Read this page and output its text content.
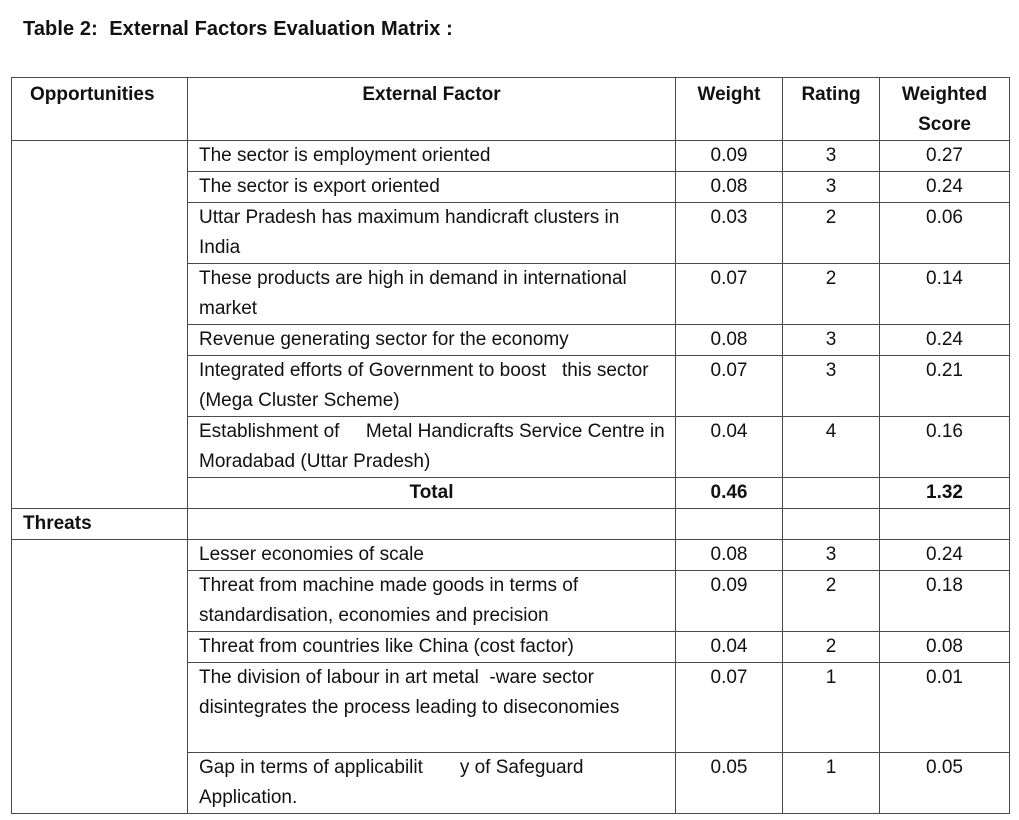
Table 2:  External Factors Evaluation Matrix :
Opportunities	External Factor	Weight	Rating	Weighted Score
	The sector is employment oriented	0.09	3	0.27
	The sector is export oriented	0.08	3	0.24
	Uttar Pradesh has maximum handicraft clusters in India	0.03	2	0.06
	These products are high in demand in international market	0.07	2	0.14
	Revenue generating sector for the economy	0.08	3	0.24
	Integrated efforts of Government to boost   this sector (Mega Cluster Scheme)	0.07	3	0.21
	Establishment of     Metal Handicrafts Service Centre in Moradabad (Uttar Pradesh)	0.04	4	0.16
	Total	0.46		1.32
Threats				
	Lesser economies of scale	0.08	3	0.24
	Threat from machine made goods in terms of standardisation, economies and precision	0.09	2	0.18
	Threat from countries like China (cost factor)	0.04	2	0.08
	The division of labour in art metal  -ware sector disintegrates the process leading to diseconomies	0.07	1	0.01
	Gap in terms of applicabilit       y of Safeguard Application.	0.05	1	0.05
